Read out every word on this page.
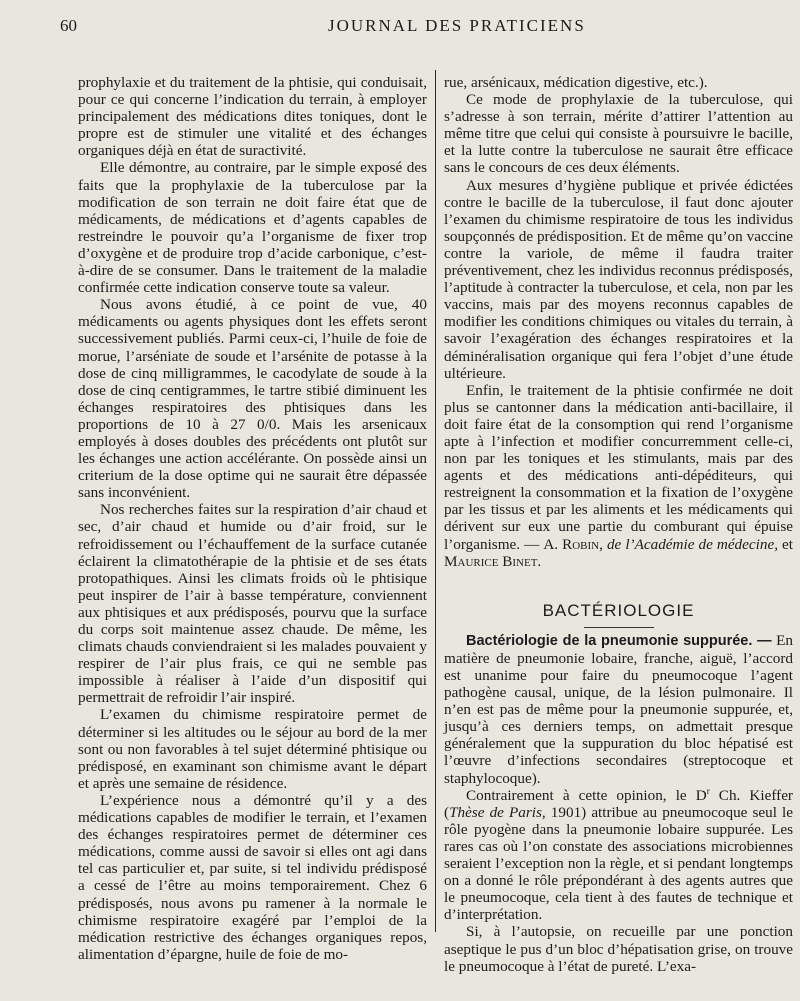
60	JOURNAL DES PRATICIENS

prophylaxie et du traitement de la phtisie, qui conduisait, pour ce qui concerne l’indication du terrain, à employer principalement des médications dites toniques, dont le propre est de stimuler une vitalité et des échanges organiques déjà en état de suractivité.

Elle démontre, au contraire, par le simple exposé des faits que la prophylaxie de la tuberculose par la modification de son terrain ne doit faire état que de médicaments, de médications et d’agents capables de restreindre le pouvoir qu’a l’organisme de fixer trop d’oxygène et de produire trop d’acide carbonique, c’est-à-dire de se consumer. Dans le traitement de la maladie confirmée cette indication conserve toute sa valeur.

Nous avons étudié, à ce point de vue, 40 médicaments ou agents physiques dont les effets seront successivement publiés. Parmi ceux-ci, l’huile de foie de morue, l’arséniate de soude et l’arsénite de potasse à la dose de cinq milligrammes, le cacodylate de soude à la dose de cinq centigrammes, le tartre stibié diminuent les échanges respiratoires des phtisiques dans les proportions de 10 à 27 0/0. Mais les arsenicaux employés à doses doubles des précédents ont plutôt sur les échanges une action accélérante. On possède ainsi un criterium de la dose optime qui ne saurait être dépassée sans inconvénient.

Nos recherches faites sur la respiration d’air chaud et sec, d’air chaud et humide ou d’air froid, sur le refroidissement ou l’échauffement de la surface cutanée éclairent la climatothérapie de la phtisie et de ses états protopathiques. Ainsi les climats froids où le phtisique peut inspirer de l’air à basse température, conviennent aux phtisiques et aux prédisposés, pourvu que la surface du corps soit maintenue assez chaude. De même, les climats chauds conviendraient si les malades pouvaient y respirer de l’air plus frais, ce qui ne semble pas impossible à réaliser à l’aide d’un dispositif qui permettrait de refroidir l’air inspiré.

L’examen du chimisme respiratoire permet de déterminer si les altitudes ou le séjour au bord de la mer sont ou non favorables à tel sujet déterminé phtisique ou prédisposé, en examinant son chimisme avant le départ et après une semaine de résidence.

L’expérience nous a démontré qu’il y a des médications capables de modifier le terrain, et l’examen des échanges respiratoires permet de déterminer ces médications, comme aussi de savoir si elles ont agi dans tel cas particulier et, par suite, si tel individu prédisposé a cessé de l’être au moins temporairement. Chez 6 prédisposés, nous avons pu ramener à la normale le chimisme respiratoire exagéré par l’emploi de la médication restrictive des échanges organiques repos, alimentation d’épargne, huile de foie de mo-

rue, arsénicaux, médication digestive, etc.).

Ce mode de prophylaxie de la tuberculose, qui s’adresse à son terrain, mérite d’attirer l’attention au même titre que celui qui consiste à poursuivre le bacille, et la lutte contre la tuberculose ne saurait être efficace sans le concours de ces deux éléments.

Aux mesures d’hygiène publique et privée édictées contre le bacille de la tuberculose, il faut donc ajouter l’examen du chimisme respiratoire de tous les individus soupçonnés de prédisposition. Et de même qu’on vaccine contre la variole, de même il faudra traiter préventivement, chez les individus reconnus prédisposés, l’aptitude à contracter la tuberculose, et cela, non par les vaccins, mais par des moyens reconnus capables de modifier les conditions chimiques ou vitales du terrain, à savoir l’exagération des échanges respiratoires et la déminéralisation organique qui fera l’objet d’une étude ultérieure.

Enfin, le traitement de la phtisie confirmée ne doit plus se cantonner dans la médication anti-bacillaire, il doit faire état de la consomption qui rend l’organisme apte à l’infection et modifier concurremment celle-ci, non par les toniques et les stimulants, mais par des agents et des médications anti-dépéditeurs, qui restreignent la consommation et la fixation de l’oxygène par les tissus et par les aliments et les médicaments qui dérivent sur eux une partie du comburant qui épuise l’organisme. — A. Robin, de l’Académie de médecine, et Maurice Binet.

BACTÉRIOLOGIE

Bactériologie de la pneumonie suppurée. — En matière de pneumonie lobaire, franche, aiguë, l’accord est unanime pour faire du pneumocoque l’agent pathogène causal, unique, de la lésion pulmonaire. Il n’en est pas de même pour la pneumonie suppurée, et, jusqu’à ces derniers temps, on admettait presque généralement que la suppuration du bloc hépatisé est l’œuvre d’infections secondaires (streptocoque et staphylocoque).

Contrairement à cette opinion, le $D^r$ Ch. Kieffer (Thèse de Paris, 1901) attribue au pneumocoque seul le rôle pyogène dans la pneumonie lobaire suppurée. Les rares cas où l’on constate des associations microbiennes seraient l’exception non la règle, et si pendant longtemps on a donné le rôle prépondérant à des agents autres que le pneumocoque, cela tient à des fautes de technique et d’interprétation.

Si, à l’autopsie, on recueille par une ponction aseptique le pus d’un bloc d’hépatisation grise, on trouve le pneumocoque à l’état de pureté. L’exa-
